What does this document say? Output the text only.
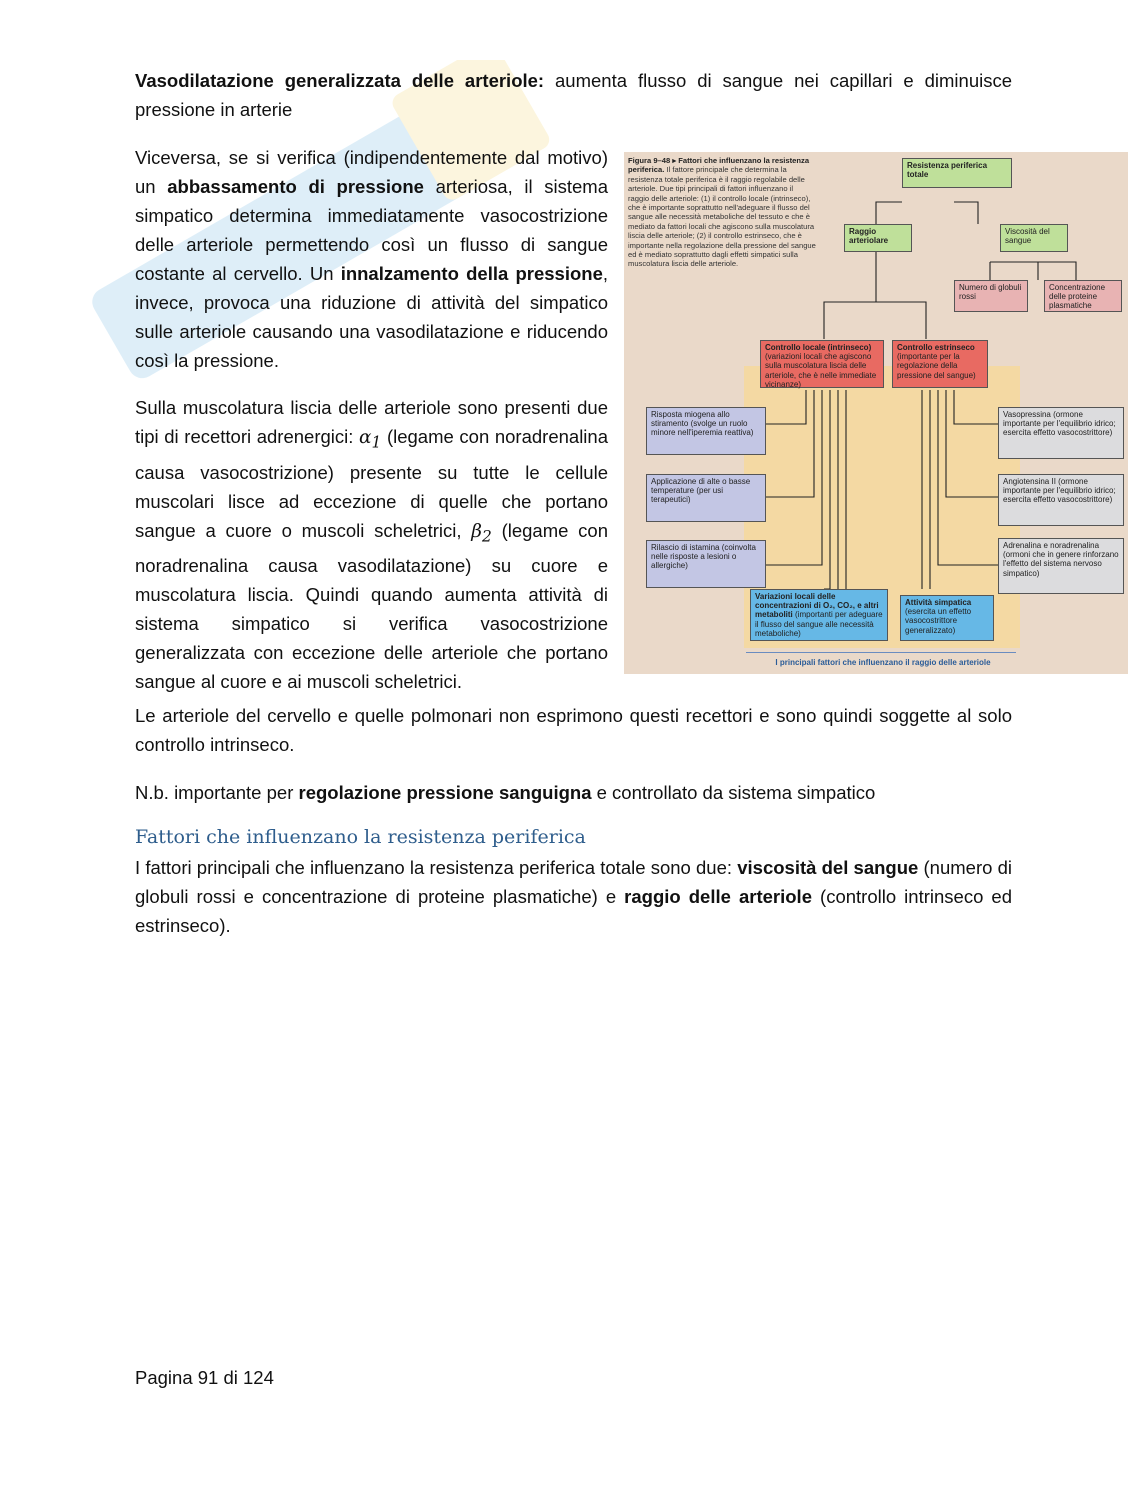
Vasodilatazione generalizzata delle arteriole: aumenta flusso di sangue nei capillari e diminuisce pressione in arterie
Viceversa, se si verifica (indipendentemente dal motivo) un abbassamento di pressione arteriosa, il sistema simpatico determina immediatamente vasocostrizione delle arteriole permettendo così un flusso di sangue costante al cervello. Un innalzamento della pressione, invece, provoca una riduzione di attività del simpatico sulle arteriole causando una vasodilatazione e riducendo così la pressione.
Sulla muscolatura liscia delle arteriole sono presenti due tipi di recettori adrenergici: $\alpha_1$ (legame con noradrenalina causa vasocostrizione) presente su tutte le cellule muscolari lisce ad eccezione di quelle che portano sangue a cuore o muscoli scheletrici, $\beta_2$ (legame con noradrenalina causa vasodilatazione) su cuore e muscolatura liscia. Quindi quando aumenta attività di sistema simpatico si verifica vasocostrizione generalizzata con eccezione delle arteriole che portano sangue al cuore e ai muscoli scheletrici.
Figura 9–48 ▸ Fattori che influenzano la resistenza periferica. Il fattore principale che determina la resistenza totale periferica è il raggio regolabile delle arteriole. Due tipi principali di fattori influenzano il raggio delle arteriole: (1) il controllo locale (intrinseco), che è importante soprattutto nell'adeguare il flusso del sangue alle necessità metaboliche del tessuto e che è mediato da fattori locali che agiscono sulla muscolatura liscia delle arteriole; (2) il controllo estrinseco, che è importante nella regolazione della pressione del sangue ed è mediato soprattutto dagli effetti simpatici sulla muscolatura liscia delle arteriole.
Resistenza periferica totale
Raggio arteriolare
Viscosità del sangue
Numero di globuli rossi
Concentrazione delle proteine plasmatiche
Controllo locale (intrinseco)
(variazioni locali che agiscono sulla muscolatura liscia delle arteriole, che è nelle immediate vicinanze)
Controllo estrinseco
(importante per la regolazione della pressione del sangue)
Risposta miogena allo stiramento (svolge un ruolo minore nell'iperemia reattiva)
Applicazione di alte o basse temperature (per usi terapeutici)
Rilascio di istamina (coinvolta nelle risposte a lesioni o allergiche)
Vasopressina (ormone importante per l'equilibrio idrico; esercita effetto vasocostrittore)
Angiotensina II (ormone importante per l'equilibrio idrico; esercita effetto vasocostrittore)
Adrenalina e noradrenalina (ormoni che in genere rinforzano l'effetto del sistema nervoso simpatico)
Variazioni locali delle concentrazioni di O₂, CO₂, e altri metaboliti (importanti per adeguare il flusso del sangue alle necessità metaboliche)
Attività simpatica (esercita un effetto vasocostrittore generalizzato)
I principali fattori che influenzano il raggio delle arteriole
Le arteriole del cervello e quelle polmonari non esprimono questi recettori e sono quindi soggette al solo controllo intrinseco.
N.b. importante per regolazione pressione sanguigna e controllato da sistema simpatico
Fattori che influenzano la resistenza periferica
I fattori principali che influenzano la resistenza periferica totale sono due: viscosità del sangue (numero di globuli rossi e concentrazione di proteine plasmatiche) e raggio delle arteriole (controllo intrinseco ed estrinseco).
Pagina 91 di 124
